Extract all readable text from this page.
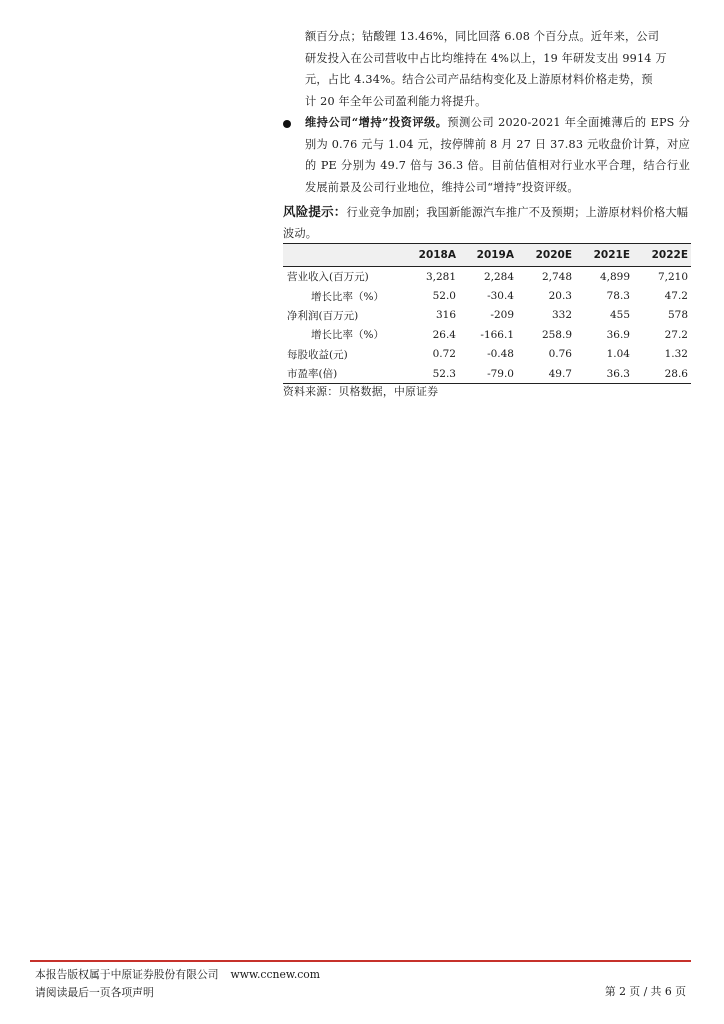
额百分点；钴酸锂 13.46%，同比回落 6.08 个百分点。近年来，公司
研发投入在公司营收中占比均维持在 4%以上，19 年研发支出 9914 万
元，占比 4.34%。结合公司产品结构变化及上游原材料价格走势，预
计 20 年全年公司盈利能力将提升。
维持公司“增持”投资评级。预测公司 2020-2021 年全面摊薄后的 EPS 分别为 0.76 元与 1.04 元，按停牌前 8 月 27 日 37.83 元收盘价计算，对应的 PE 分别为 49.7 倍与 36.3 倍。目前估值相对行业水平合理，结合行业发展前景及公司行业地位，维持公司“增持”投资评级。
风险提示：行业竞争加剧；我国新能源汽车推广不及预期；上游原材料价格大幅波动。
	2018A	2019A	2020E	2021E	2022E
营业收入(百万元)	3,281	2,284	2,748	4,899	7,210
增长比率（%）	52.0	-30.4	20.3	78.3	47.2
净利润(百万元)	316	-209	332	455	578
增长比率（%）	26.4	-166.1	258.9	36.9	27.2
每股收益(元)	0.72	-0.48	0.76	1.04	1.32
市盈率(倍)	52.3	-79.0	49.7	36.3	28.6
资料来源：贝格数据，中原证券
本报告版权属于中原证券股份有限公司 www.ccnew.com
请阅读最后一页各项声明	第 2 页 / 共 6 页
